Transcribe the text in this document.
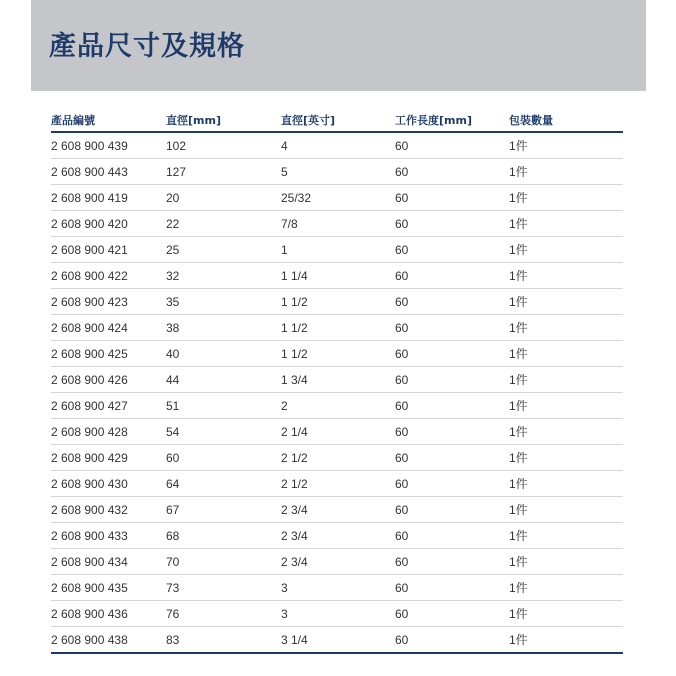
產品尺寸及規格
產品編號	直徑[mm]	直徑[英寸]	工作長度[mm]	包裝數量
2 608 900 439	102	4	60	1件
2 608 900 443	127	5	60	1件
2 608 900 419	20	25/32	60	1件
2 608 900 420	22	7/8	60	1件
2 608 900 421	25	1	60	1件
2 608 900 422	32	1 1/4	60	1件
2 608 900 423	35	1 1/2	60	1件
2 608 900 424	38	1 1/2	60	1件
2 608 900 425	40	1 1/2	60	1件
2 608 900 426	44	1 3/4	60	1件
2 608 900 427	51	2	60	1件
2 608 900 428	54	2 1/4	60	1件
2 608 900 429	60	2 1/2	60	1件
2 608 900 430	64	2 1/2	60	1件
2 608 900 432	67	2 3/4	60	1件
2 608 900 433	68	2 3/4	60	1件
2 608 900 434	70	2 3/4	60	1件
2 608 900 435	73	3	60	1件
2 608 900 436	76	3	60	1件
2 608 900 438	83	3 1/4	60	1件
